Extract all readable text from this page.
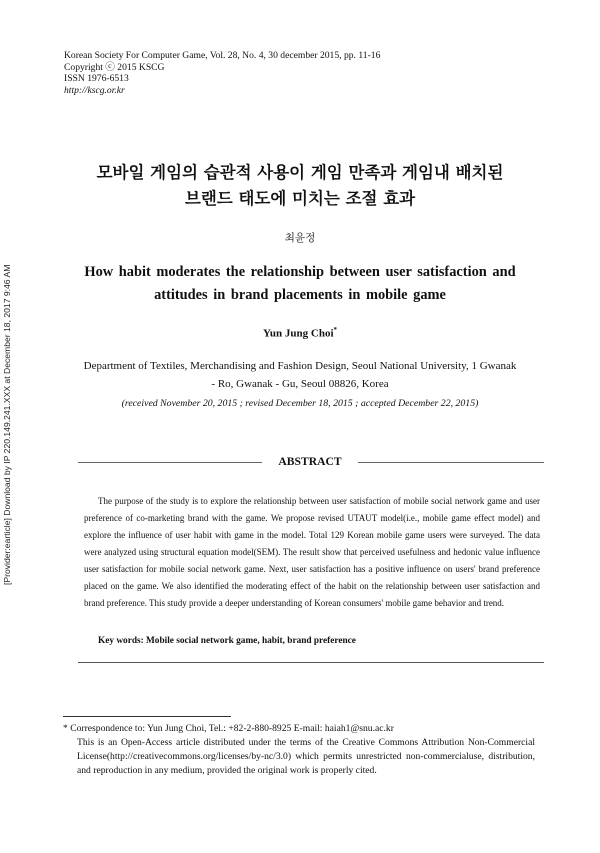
Korean Society For Computer Game, Vol. 28, No. 4, 30 december 2015, pp. 11-16
Copyright ⓒ 2015 KSCG
ISSN 1976-6513
http://kscg.or.kr
[Provider:earticle] Download by IP 220.149.241.XXX at December 18, 2017 9:46 AM
모바일 게임의 습관적 사용이 게임 만족과 게임내 배치된
브랜드 태도에 미치는 조절 효과
최윤정
How habit moderates the relationship between user satisfaction and
attitudes in brand placements in mobile game
Yun Jung Choi*
Department of Textiles, Merchandising and Fashion Design, Seoul National University, 1 Gwanak
- Ro, Gwanak - Gu, Seoul 08826, Korea
(received November 20, 2015 ; revised December 18, 2015 ; accepted December 22, 2015)
ABSTRACT
The purpose of the study is to explore the relationship between user satisfaction of mobile social network game and user preference of co-marketing brand with the game. We propose revised UTAUT model(i.e., mobile game effect model) and explore the influence of user habit with game in the model. Total 129 Korean mobile game users were surveyed. The data were analyzed using structural equation model(SEM). The result show that perceived usefulness and hedonic value influence user satisfaction for mobile social network game. Next, user satisfaction has a positive influence on users' brand preference placed on the game. We also identified the moderating effect of the habit on the relationship between user satisfaction and brand preference. This study provide a deeper understanding of Korean consumers' mobile game behavior and trend.
Key words: Mobile social network game, habit, brand preference
* Correspondence to: Yun Jung Choi, Tel.: +82-2-880-8925 E-mail: haiah1@snu.ac.kr
This is an Open-Access article distributed under the terms of the Creative Commons Attribution Non-Commercial License(http://creativecommons.org/licenses/by-nc/3.0) which permits unrestricted non-commercialuse, distribution, and reproduction in any medium, provided the original work is properly cited.
